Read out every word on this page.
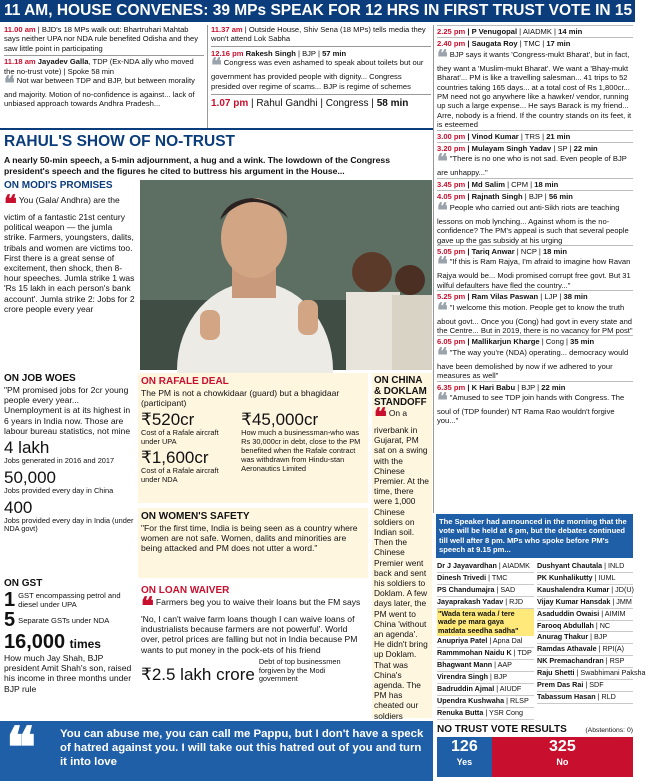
11 AM, HOUSE CONVENES: 39 MPs SPEAK FOR 12 HRS IN FIRST TRUST VOTE IN 15 YRS
11.00 am | BJD's 18 MPs walk out: Bhartruhari Mahtab says neither UPA nor NDA rule benefited Odisha and they saw little point in participating
11.18 am Jayadev Galla, TDP (Ex-NDA ally who moved the no-trust vote) | Spoke 58 min
❝ Not war between TDP and BJP, but between morality and majority. Motion of no-confidence is against... lack of unbiased approach towards Andhra Pradesh...
11.37 am | Outside House, Shiv Sena (18 MPs) tells media they won't attend Lok Sabha
12.16 pm Rakesh Singh | BJP | 57 min
❝ Congress was even ashamed to speak about toilets but our government has provided people with dignity... Congress presided over regime of scams... BJP is regime of schemes
1.07 pm | Rahul Gandhi | Congress | 58 min
2.25 pm | P Venugopal | AIADMK | 14 min
2.40 pm | Saugata Roy | TMC | 17 min
❝ BJP says it wants 'Congress-mukt Bharat', but in fact, they want a 'Muslim-mukt Bharat'. We want a 'Bhay-mukt Bharat'... PM is like a travelling salesman... 41 trips to 52 countries taking 165 days... at a total cost of Rs 1,800cr... PM need not go anywhere like a hawker/ vendor, running up such a large expense... He says Barack is my friend... Arre, nobody is a friend. If the country stands on its feet, it is esteemed
3.00 pm | Vinod Kumar | TRS | 21 min
3.20 pm | Mulayam Singh Yadav | SP | 22 min
❝ "There is no one who is not sad. Even people of BJP are unhappy..."
3.45 pm | Md Salim | CPM | 18 min
4.05 pm | Rajnath Singh | BJP | 56 min
❝ People who carried out anti-Sikh riots are teaching lessons on mob lynching... Against whom is the no-confidence? The PM's appeal is such that several people gave up the gas subsidy at his urging
5.05 pm | Tariq Anwar | NCP | 18 min
❝ "If this is Ram Rajya, I'm afraid to imagine how Ravan Rajya would be... Modi promised corrupt free govt. But 31 wilful defaulters have fled the country..."
5.25 pm | Ram Vilas Paswan | LJP | 38 min
❝ "I welcome this motion. People get to know the truth about govt... Once you (Cong) had govt in every state and the Centre... But in 2019, there is no vacancy for PM post"
6.05 pm | Mallikarjun Kharge | Cong | 35 min
❝ "The way you're (NDA) operating... democracy would have been demolished by now if we adhered to your measures as well"
6.35 pm | K Hari Babu | BJP | 22 min
❝ "Amused to see TDP join hands with Congress. The soul of (TDP founder) NT Rama Rao wouldn't forgive you..."
RAHUL'S SHOW OF NO-TRUST
A nearly 50-min speech, a 5-min adjournment, a hug and a wink. The lowdown of the Congress president's speech and the figures he cited to buttress his argument in the House...
ON MODI'S PROMISES
❝ You (Gala/ Andhra) are the victim of a fantastic 21st century political weapon — the jumla strike. Farmers, youngsters, dalits, tribals and women are victims too. First there is a great sense of excitement, then shock, then 8-hour speeches. Jumla strike 1 was 'Rs 15 lakh in each person's bank account'. Jumla strike 2: Jobs for 2 crore people every year
ON JOB WOES
"PM promised jobs for 2cr young people every year... Unemployment is at its highest in 6 years in India now. Those are labour bureau statistics, not mine
4 lakh
Jobs generated in 2016 and 2017
50,000
Jobs provided every day in China
400
Jobs provided every day in India (under NDA govt)
ON GST
1 GST encompassing petrol and diesel under UPA
5 Separate GSTs under NDA
16,000 times
How much Jay Shah, BJP president Amit Shah's son, raised his income in three months under BJP rule
ON RAFALE DEAL
The PM is not a chowkidaar (guard) but a bhagidaar (participant)
₹520cr
Cost of a Rafale aircraft under UPA
₹1,600cr
Cost of a Rafale aircraft under NDA
₹45,000cr
How much a businessman-who was Rs 30,000cr in debt, close to the PM benefited when the Rafale contract was withdrawn from Hindu-stan Aeronautics Limited
ON WOMEN'S SAFETY
"For the first time, India is being seen as a country where women are not safe. Women, dalits and minorities are being attacked and PM does not utter a word."
ON LOAN WAIVER
❝ Farmers beg you to waive their loans but the FM says 'No, I can't waive farm loans though I can waive loans of industrialists because farmers are not powerful'. World over, petrol prices are falling but not in India because PM wants to put money in the pock-ets of his friend
₹2.5 lakh crore
Debt of top businessmen forgiven by the Modi government
ON CHINA & DOKLAM STANDOFF
❝ On a riverbank in Gujarat, PM sat on a swing with the Chinese Premier. At the time, there were 1,000 Chinese soldiers on Indian soil. Then the Chinese Premier went back and sent his soldiers to Doklam. A few days later, the PM went to China 'without an agenda'. He didn't bring up Doklam. That was China's agenda. The PM has cheated our soldiers
The Speaker had announced in the morning that the vote will be held at 6 pm, but the debates continued till well after 8 pm. MPs who spoke before PM's speech at 9.15 pm...
Dr J Jayavardhan | AIADMK
Dinesh Trivedi | TMC
PS Chandumajra | SAD
Jayaprakash Yadav | RJD
"Wada tera wada / tere wade pe mara gaya matdata seedha sadha"
Anupriya Patel | Apna Dal
Rammmohan Naidu K | TDP
Bhagwant Mann | AAP
Virendra Singh | BJP
Badruddin Ajmal | AIUDF
Upendra Kushwaha | RLSP
Renuka Butta | YSR Cong
Dushyant Chautala | INLD
PK Kunhalikutty | IUML
Kaushalendra Kumar | JD(U)
Vijay Kumar Hansdak | JMM
Asaduddin Owaisi | AIMIM
Farooq Abdullah | NC
Anurag Thakur | BJP
Ramdas Athavale | RPI(A)
NK Premachandran | RSP
Raju Shetti | Swabhimani Paksha
Prem Das Rai | SDF
Tabassum Hasan | RLD
NO TRUST VOTE RESULTS	(Abstentions: 0)
126
Yes
325
No
❝ You can abuse me, you can call me Pappu, but I don't have a speck of hatred against you. I will take out this hatred out of you and turn it into love
